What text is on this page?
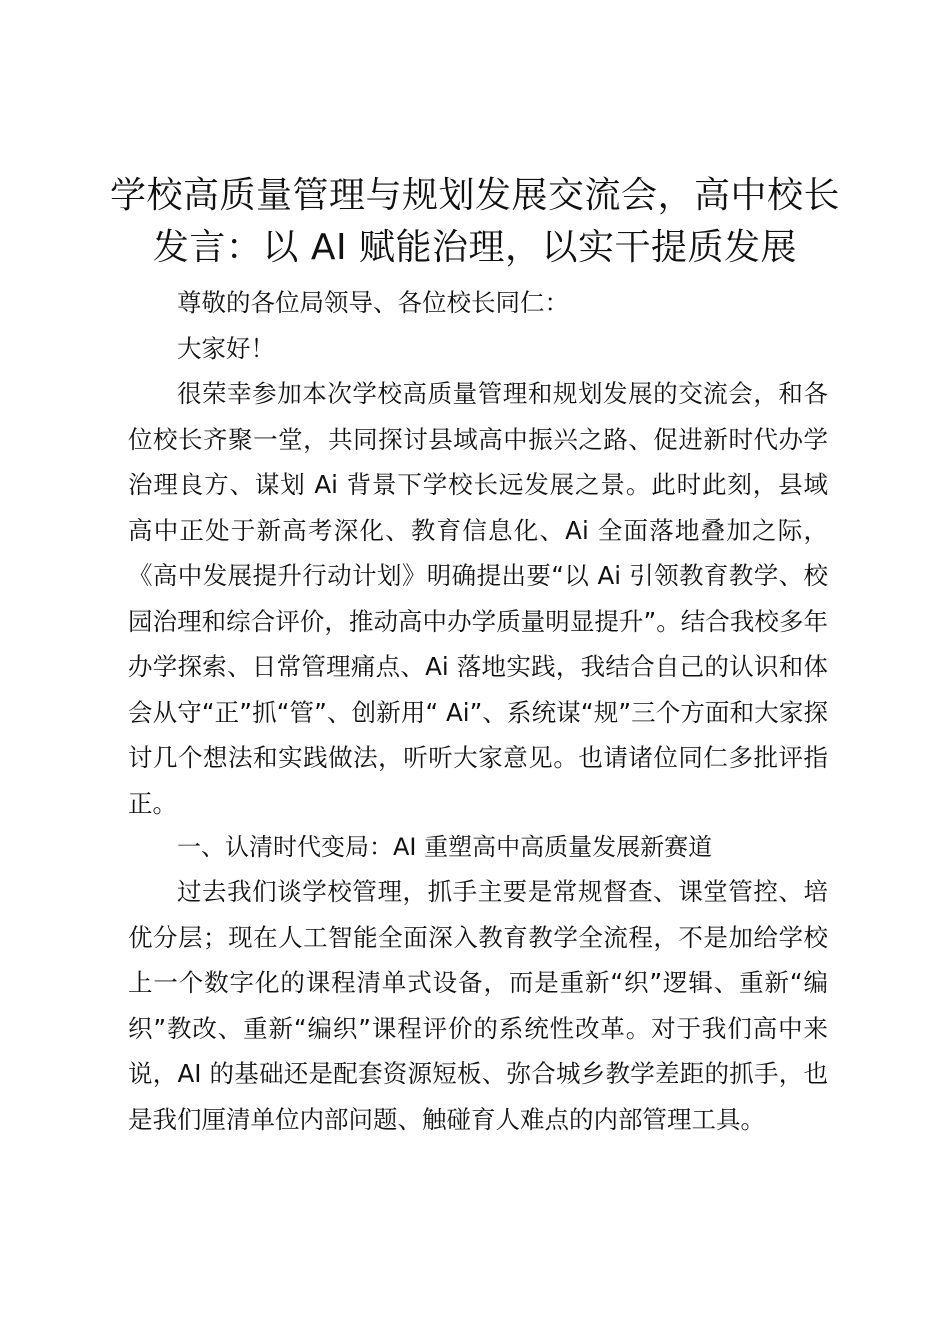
学校高质量管理与规划发展交流会，高中校长
发言：以 AI 赋能治理，以实干提质发展

尊敬的各位局领导、各位校长同仁：

大家好！

很荣幸参加本次学校高质量管理和规划发展的交流会，和各位校长齐聚一堂，共同探讨县域高中振兴之路、促进新时代办学治理良方、谋划 Ai 背景下学校长远发展之景。此时此刻，县域高中正处于新高考深化、教育信息化、Ai 全面落地叠加之际，《高中发展提升行动计划》明确提出要“以 Ai 引领教育教学、校园治理和综合评价，推动高中办学质量明显提升”。结合我校多年办学探索、日常管理痛点、Ai 落地实践，我结合自己的认识和体会从守“正”抓“管”、创新用“ Ai”、系统谋“规”三个方面和大家探讨几个想法和实践做法，听听大家意见。也请诸位同仁多批评指正。

一、认清时代变局：AI 重塑高中高质量发展新赛道

过去我们谈学校管理，抓手主要是常规督查、课堂管控、培优分层；现在人工智能全面深入教育教学全流程，不是加给学校上一个数字化的课程清单式设备，而是重新“织”逻辑、重新“编织”教改、重新“编织”课程评价的系统性改革。对于我们高中来说，AI 的基础还是配套资源短板、弥合城乡教学差距的抓手，也是我们厘清单位内部问题、触碰育人难点的内部管理工具。
